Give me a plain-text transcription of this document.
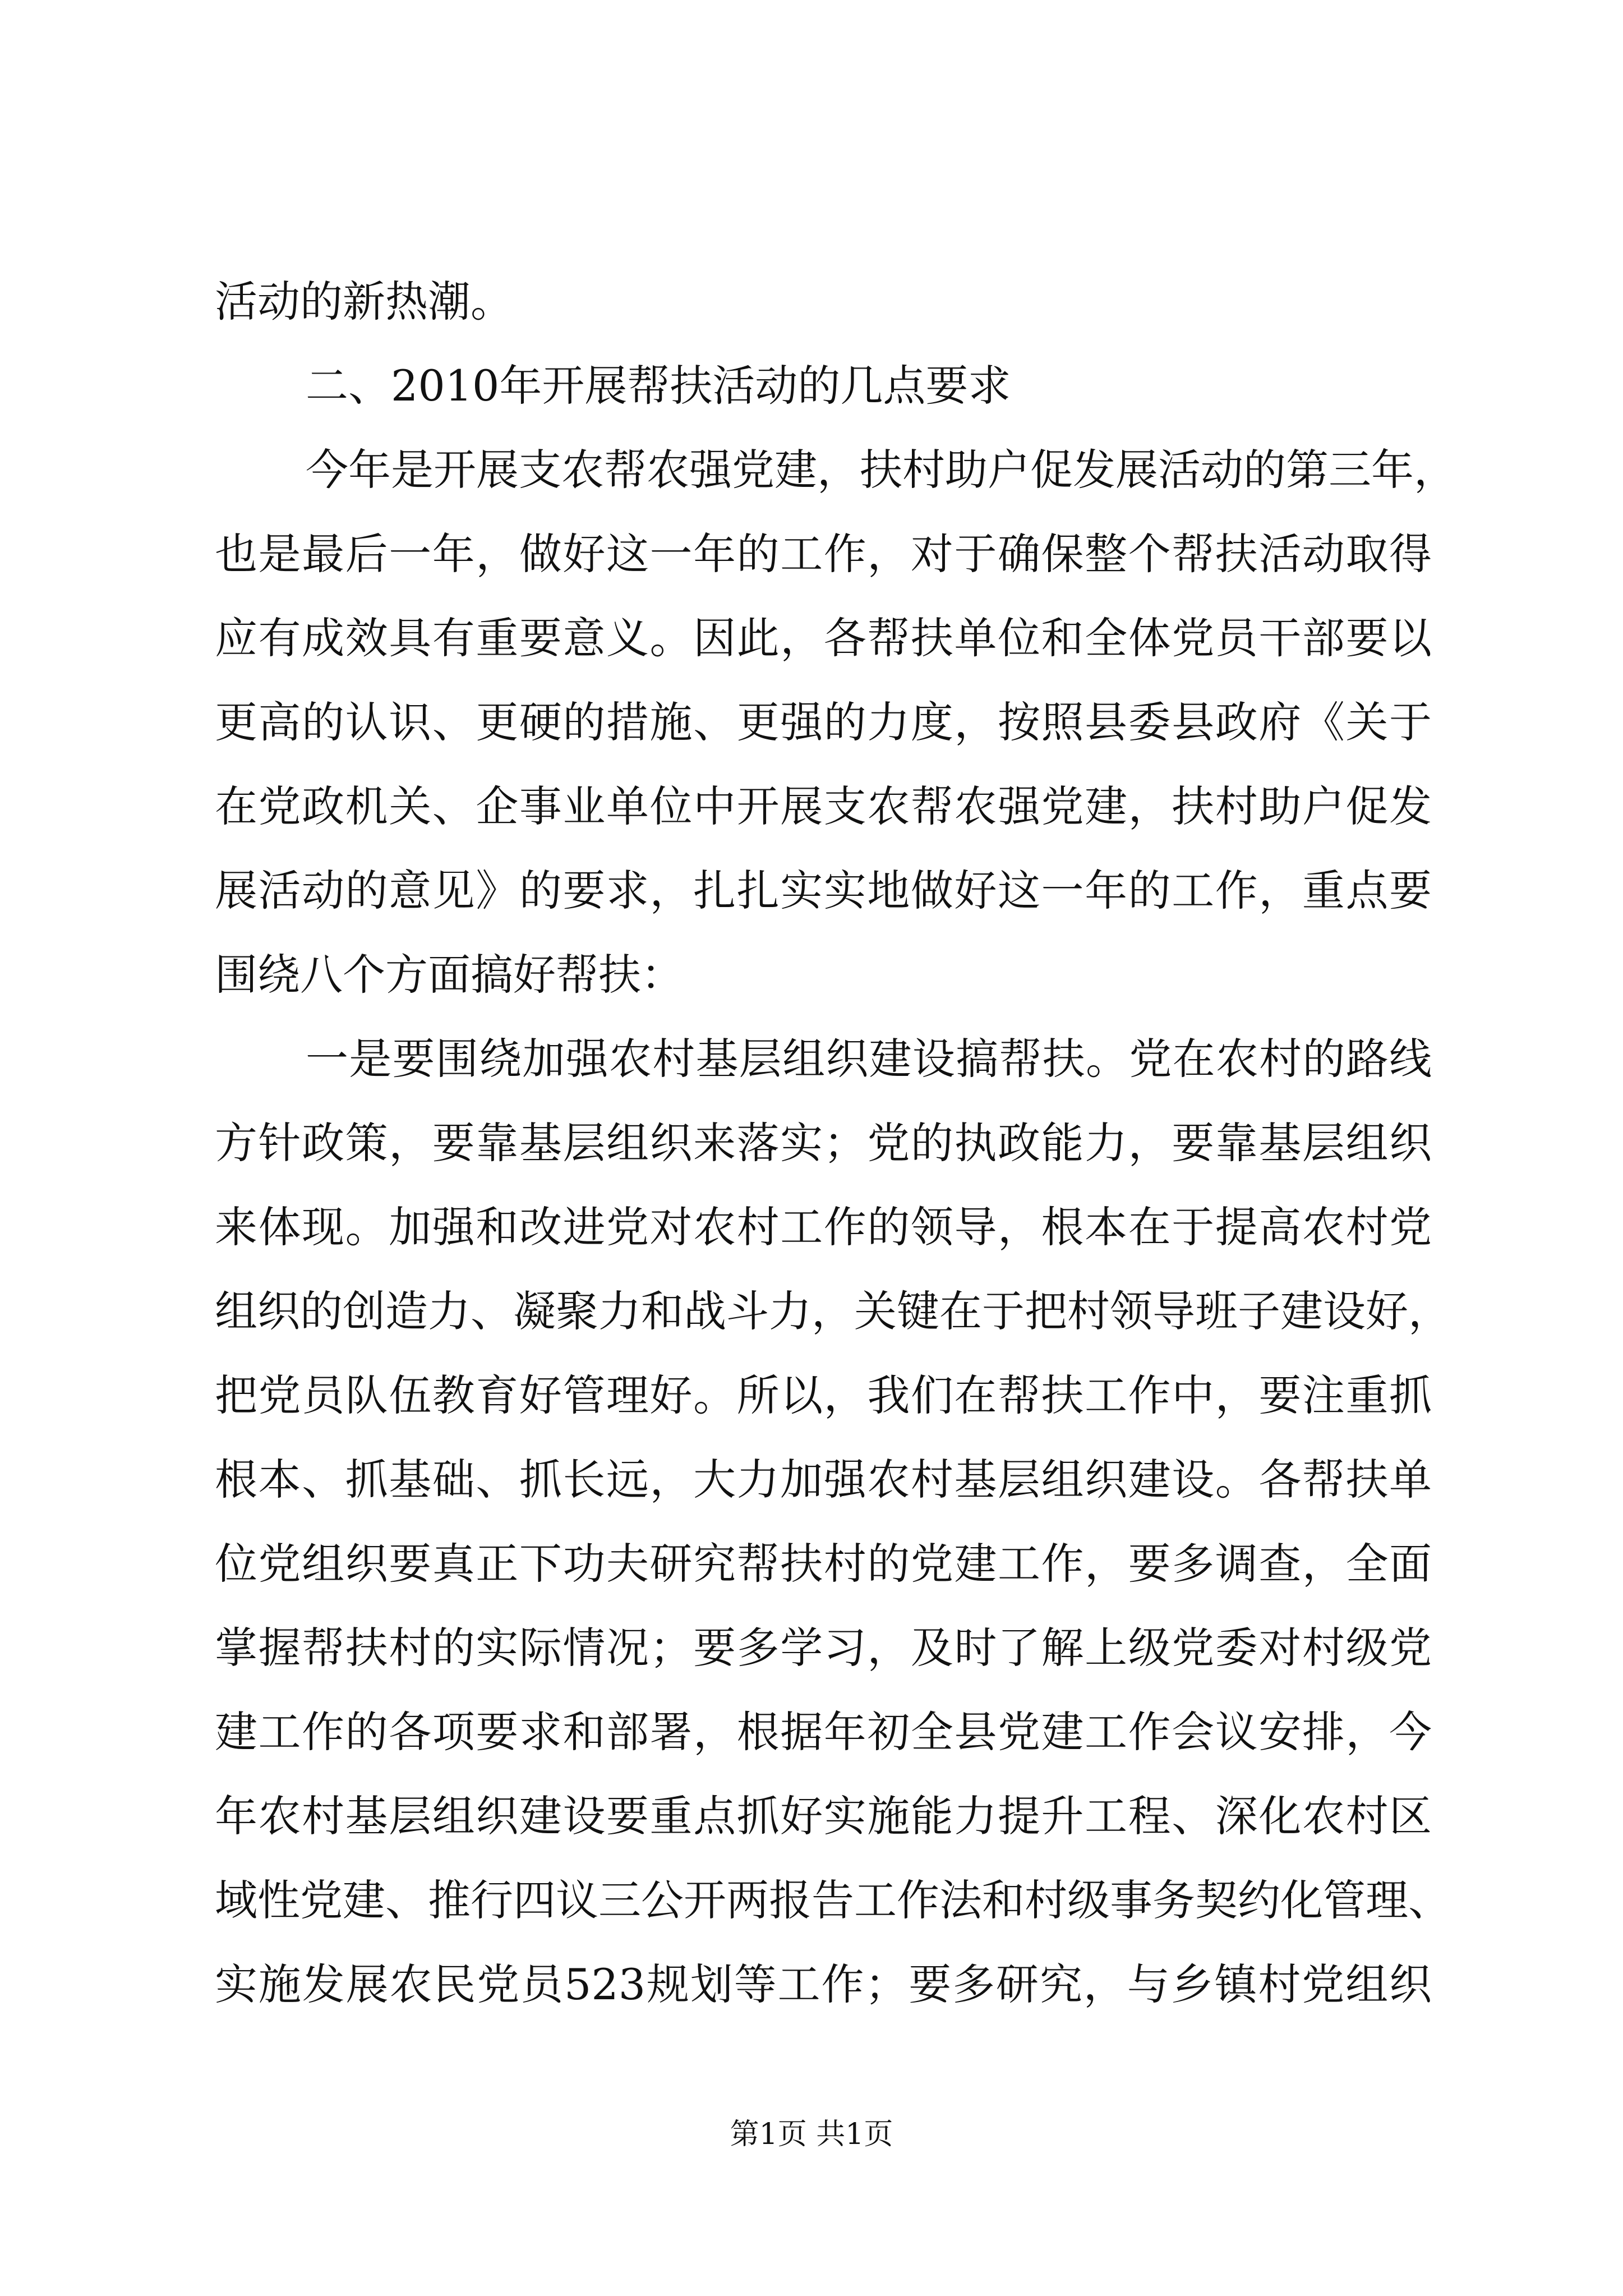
活动的新热潮。
二、2010年开展帮扶活动的几点要求
今年是开展支农帮农强党建，扶村助户促发展活动的第三年，
也是最后一年，做好这一年的工作，对于确保整个帮扶活动取得
应有成效具有重要意义。因此，各帮扶单位和全体党员干部要以
更高的认识、更硬的措施、更强的力度，按照县委县政府《关于
在党政机关、企事业单位中开展支农帮农强党建，扶村助户促发
展活动的意见》的要求，扎扎实实地做好这一年的工作，重点要
围绕八个方面搞好帮扶：
一是要围绕加强农村基层组织建设搞帮扶。党在农村的路线
方针政策，要靠基层组织来落实；党的执政能力，要靠基层组织
来体现。加强和改进党对农村工作的领导，根本在于提高农村党
组织的创造力、凝聚力和战斗力，关键在于把村领导班子建设好，
把党员队伍教育好管理好。所以，我们在帮扶工作中，要注重抓
根本、抓基础、抓长远，大力加强农村基层组织建设。各帮扶单
位党组织要真正下功夫研究帮扶村的党建工作，要多调查，全面
掌握帮扶村的实际情况；要多学习，及时了解上级党委对村级党
建工作的各项要求和部署，根据年初全县党建工作会议安排，今
年农村基层组织建设要重点抓好实施能力提升工程、深化农村区
域性党建、推行四议三公开两报告工作法和村级事务契约化管理、
实施发展农民党员523规划等工作；要多研究，与乡镇村党组织
第1页 共1页
